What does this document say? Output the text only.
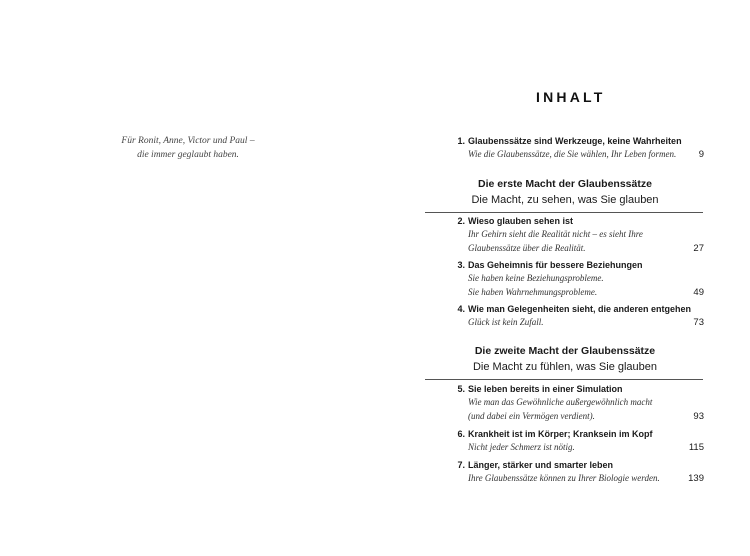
Für Ronit, Anne, Victor und Paul –
die immer geglaubt haben.
INHALT
1. Glaubenssätze sind Werkzeuge, keine Wahrheiten
Wie die Glaubenssätze, die Sie wählen, Ihr Leben formen.	9
Die erste Macht der Glaubenssätze
Die Macht, zu sehen, was Sie glauben
2. Wieso glauben sehen ist
Ihr Gehirn sieht die Realität nicht – es sieht Ihre
Glaubenssätze über die Realität.	27
3. Das Geheimnis für bessere Beziehungen
Sie haben keine Beziehungsprobleme.
Sie haben Wahrnehmungsprobleme.	49
4. Wie man Gelegenheiten sieht, die anderen entgehen
Glück ist kein Zufall.	73
Die zweite Macht der Glaubenssätze
Die Macht zu fühlen, was Sie glauben
5. Sie leben bereits in einer Simulation
Wie man das Gewöhnliche außergewöhnlich macht
(und dabei ein Vermögen verdient).	93
6. Krankheit ist im Körper; Kranksein im Kopf
Nicht jeder Schmerz ist nötig.	115
7. Länger, stärker und smarter leben
Ihre Glaubenssätze können zu Ihrer Biologie werden.	139
